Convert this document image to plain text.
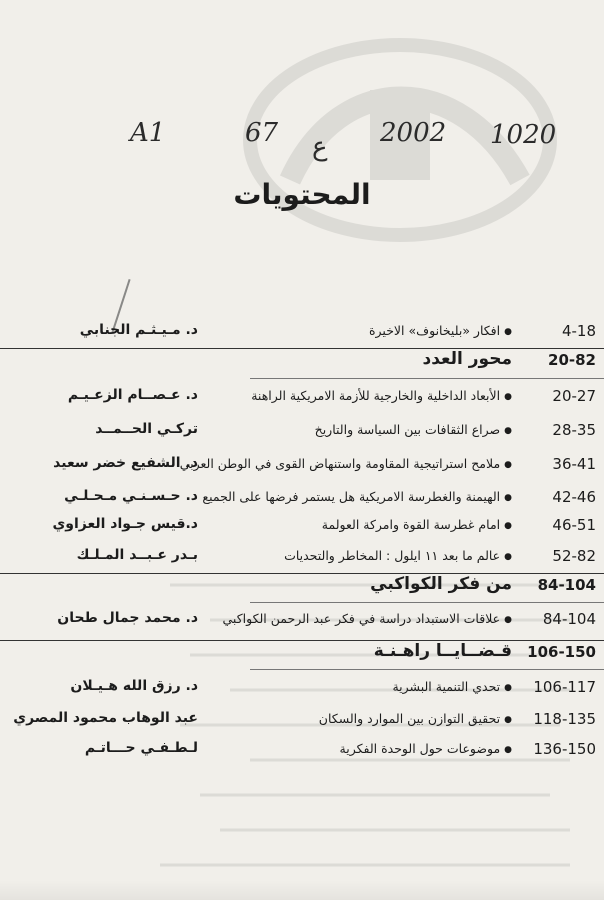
A1	67 ع 2002 1020
المحتويات
4-18
● افكار «بليخانوف» الاخيرة
د. مـيـثـم الجنابي
20-82
محور العدد
20-27
● الأبعاد الداخلية والخارجية للأزمة الامريكية الراهنة
د. عـصــام الزعـيـم
28-35
● صراع الثقافات بين السياسة والتاريخ
تركـي الحــمــد
36-41
● ملامح استراتيجية المقاومة واستنهاض القوى في الوطن العربي
د. الشفيع خضر سعيد
42-46
● الهيمنة والغطرسة الامريكية هل يستمر فرضها على الجميع
د. حـسـنـي مـحـلـي
46-51
● امام غطرسة القوة وامركة العولمة
د.قيس جـواد العزاوي
52-82
● عالم ما بعد ١١ ايلول : المخاطر والتحديات
بـدر عـبــد المـلـك
84-104
من فكر الكواكبي
84-104
● علاقات الاستبداد دراسة في فكر عبد الرحمن الكواكبي
د. محمد جمال طحان
106-150
قـضــايــا راهـنـة
106-117
● تحدي التنمية البشرية
د. رزق الله هـيـلان
118-135
● تحقيق التوازن بين الموارد والسكان
عبد الوهاب محمود المصري
136-150
● موضوعات حول الوحدة الفكرية
لـطـفـي حـــاتـم
